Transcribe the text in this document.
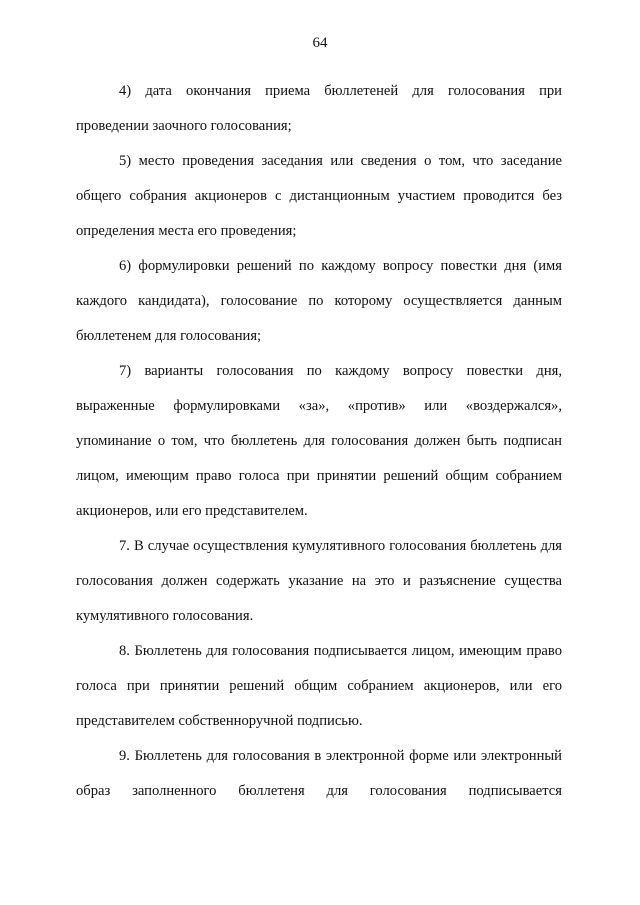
64

4) дата окончания приема бюллетеней для голосования при проведении заочного голосования;

5) место проведения заседания или сведения о том, что заседание общего собрания акционеров с дистанционным участием проводится без определения места его проведения;

6) формулировки решений по каждому вопросу повестки дня (имя каждого кандидата), голосование по которому осуществляется данным бюллетенем для голосования;

7) варианты голосования по каждому вопросу повестки дня, выраженные формулировками «за», «против» или «воздержался», упоминание о том, что бюллетень для голосования должен быть подписан лицом, имеющим право голоса при принятии решений общим собранием акционеров, или его представителем.

7. В случае осуществления кумулятивного голосования бюллетень для голосования должен содержать указание на это и разъяснение существа кумулятивного голосования.

8. Бюллетень для голосования подписывается лицом, имеющим право голоса при принятии решений общим собранием акционеров, или его представителем собственноручной подписью.

9. Бюллетень для голосования в электронной форме или электронный образ заполненного бюллетеня для голосования подписывается
